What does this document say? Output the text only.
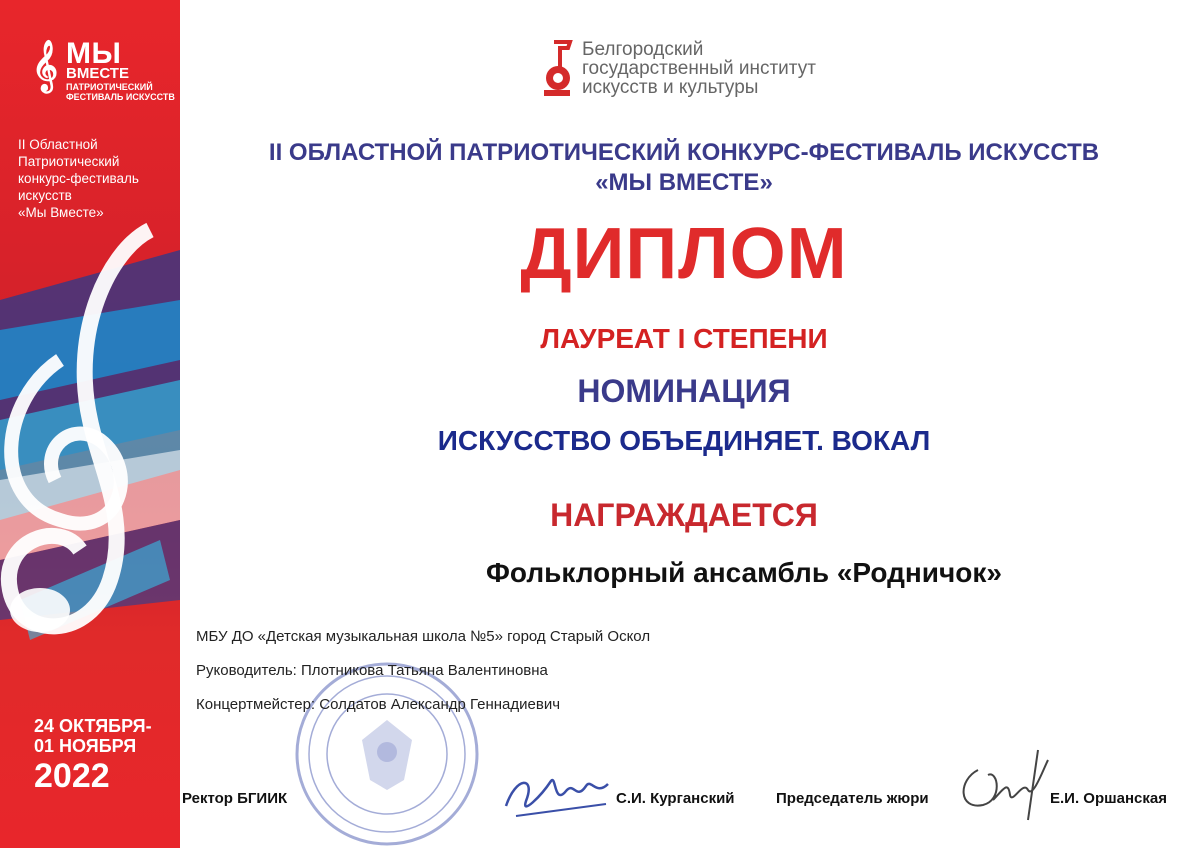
𝄞 МЫ
ВМЕСТЕ
ПАТРИОТИЧЕСКИЙ
ФЕСТИВАЛЬ ИСКУССТВ
II Областной
Патриотический
конкурс-фестиваль
искусств
«Мы Вместе»
24 ОКТЯБРЯ-
01 НОЯБРЯ
2022
Белгородский
государственный институт
искусств и культуры
II ОБЛАСТНОЙ ПАТРИОТИЧЕСКИЙ КОНКУРС-ФЕСТИВАЛЬ ИСКУССТВ
«МЫ ВМЕСТЕ»
ДИПЛОМ
ЛАУРЕАТ I СТЕПЕНИ
НОМИНАЦИЯ
ИСКУССТВО ОБЪЕДИНЯЕТ. ВОКАЛ
НАГРАЖДАЕТСЯ
Фольклорный ансамбль «Родничок»
МБУ ДО «Детская музыкальная школа №5» город Старый Оскол
Руководитель: Плотникова Татьяна Валентиновна
Концертмейстер: Солдатов Александр Геннадиевич
Ректор БГИИК	С.И. Курганский	Председатель жюри	Е.И. Оршанская
